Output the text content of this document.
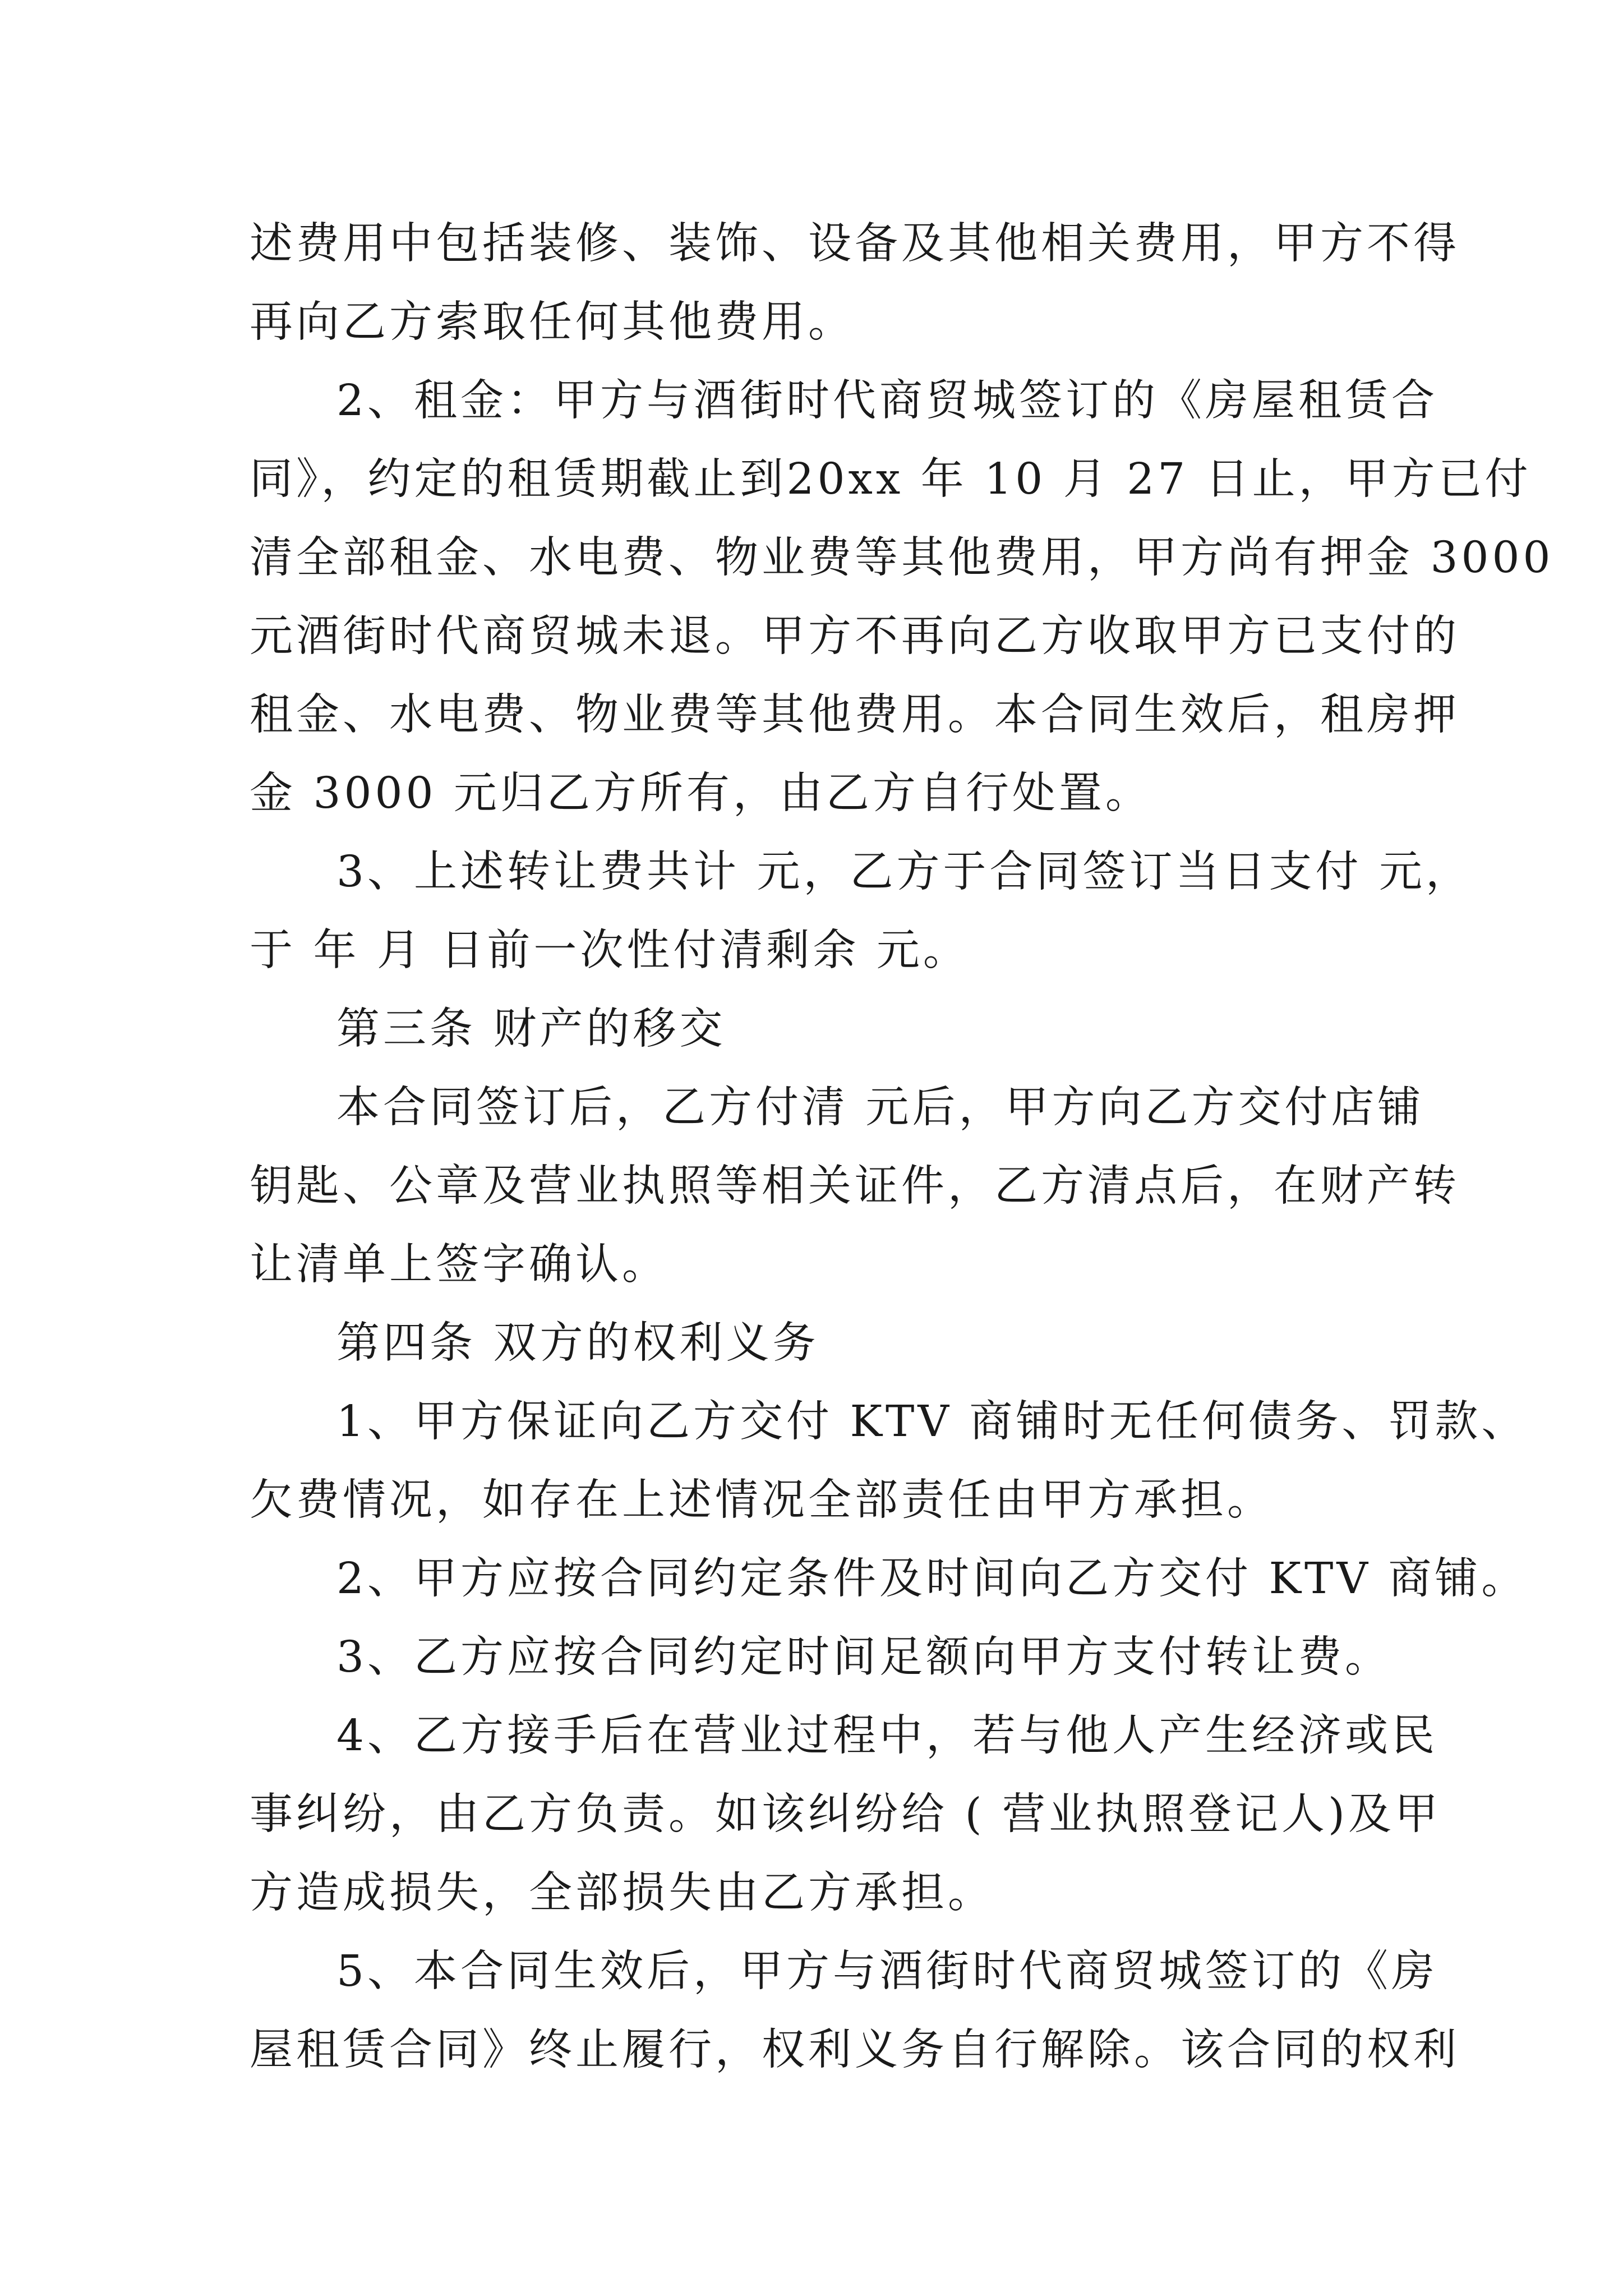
述费用中包括装修、装饰、设备及其他相关费用，甲方不得

再向乙方索取任何其他费用。

2、租金：甲方与酒街时代商贸城签订的《房屋租赁合

同》，约定的租赁期截止到20xx 年 10 月 27 日止，甲方已付

清全部租金、水电费、物业费等其他费用，甲方尚有押金 3000

元酒街时代商贸城未退。甲方不再向乙方收取甲方已支付的

租金、水电费、物业费等其他费用。本合同生效后，租房押

金 3000 元归乙方所有，由乙方自行处置。

3、上述转让费共计 元，乙方于合同签订当日支付 元，

于 年 月 日前一次性付清剩余 元。

第三条 财产的移交

本合同签订后，乙方付清 元后，甲方向乙方交付店铺

钥匙、公章及营业执照等相关证件，乙方清点后，在财产转

让清单上签字确认。

第四条 双方的权利义务

1、甲方保证向乙方交付 KTV 商铺时无任何债务、罚款、

欠费情况，如存在上述情况全部责任由甲方承担。

2、甲方应按合同约定条件及时间向乙方交付 KTV 商铺。

3、乙方应按合同约定时间足额向甲方支付转让费。

4、乙方接手后在营业过程中，若与他人产生经济或民

事纠纷，由乙方负责。如该纠纷给 ( 营业执照登记人)及甲

方造成损失，全部损失由乙方承担。

5、本合同生效后，甲方与酒街时代商贸城签订的《房

屋租赁合同》终止履行，权利义务自行解除。该合同的权利
